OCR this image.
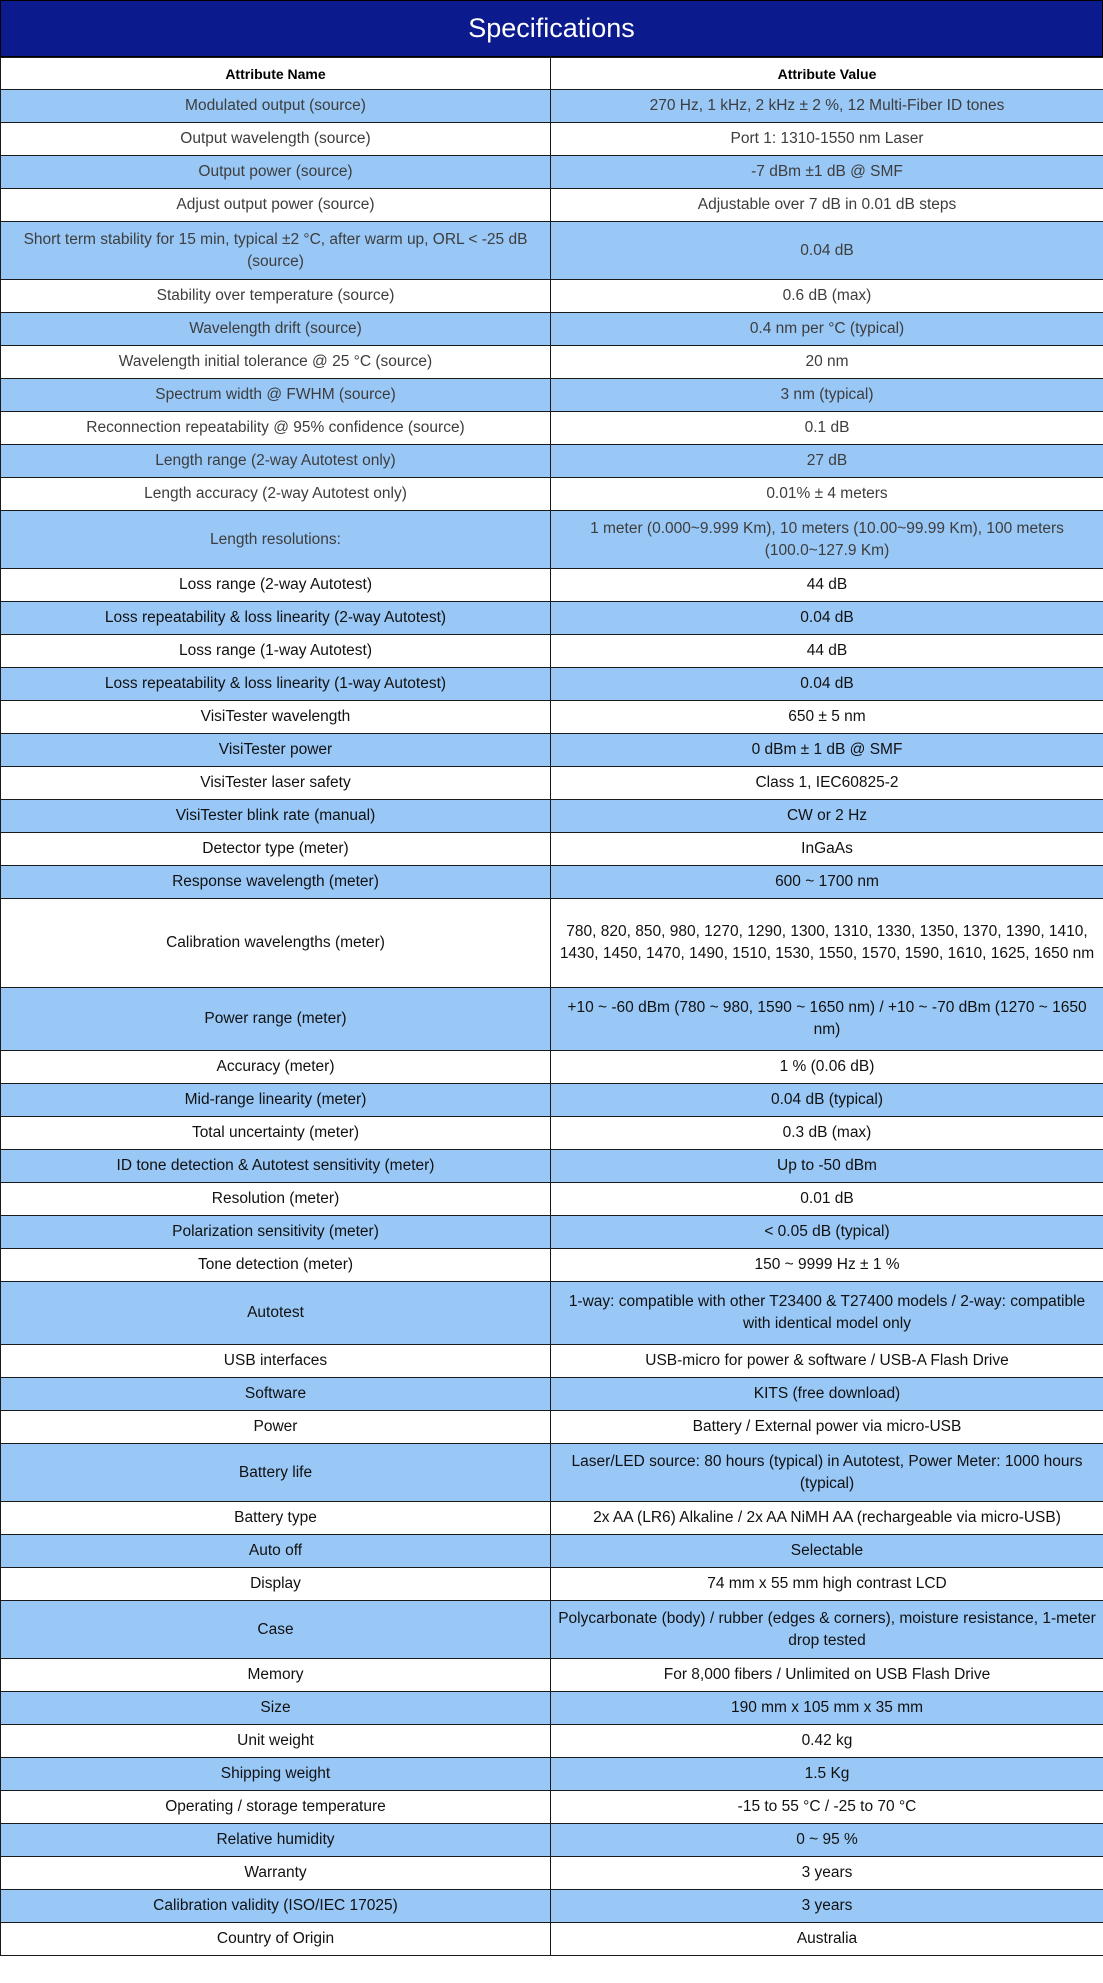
Specifications
Attribute Name	Attribute Value
Modulated output (source)	270 Hz, 1 kHz, 2 kHz ± 2 %, 12 Multi-Fiber ID tones
Output wavelength (source)	Port 1: 1310-1550 nm Laser
Output power (source)	-7 dBm ±1 dB @ SMF
Adjust output power (source)	Adjustable over 7 dB in 0.01 dB steps
Short term stability for 15 min, typical ±2 °C, after warm up, ORL < -25 dB (source)	0.04 dB
Stability over temperature (source)	0.6 dB (max)
Wavelength drift (source)	0.4 nm per °C (typical)
Wavelength initial tolerance @ 25 °C (source)	20 nm
Spectrum width @ FWHM (source)	3 nm (typical)
Reconnection repeatability @ 95% confidence (source)	0.1 dB
Length range (2-way Autotest only)	27 dB
Length accuracy (2-way Autotest only)	0.01% ± 4 meters
Length resolutions:	1 meter (0.000~9.999 Km), 10 meters (10.00~99.99 Km), 100 meters (100.0~127.9 Km)
Loss range (2-way Autotest)	44 dB
Loss repeatability & loss linearity (2-way Autotest)	0.04 dB
Loss range (1-way Autotest)	44 dB
Loss repeatability & loss linearity (1-way Autotest)	0.04 dB
VisiTester wavelength	650 ± 5 nm
VisiTester power	0 dBm ± 1 dB @ SMF
VisiTester laser safety	Class 1, IEC60825-2
VisiTester blink rate (manual)	CW or 2 Hz
Detector type (meter)	InGaAs
Response wavelength (meter)	600 ~ 1700 nm
Calibration wavelengths (meter)	780, 820, 850, 980, 1270, 1290, 1300, 1310, 1330, 1350, 1370, 1390, 1410, 1430, 1450, 1470, 1490, 1510, 1530, 1550, 1570, 1590, 1610, 1625, 1650 nm
Power range (meter)	+10 ~ -60 dBm (780 ~ 980, 1590 ~ 1650 nm) / +10 ~ -70 dBm (1270 ~ 1650 nm)
Accuracy (meter)	1 % (0.06 dB)
Mid-range linearity (meter)	0.04 dB (typical)
Total uncertainty (meter)	0.3 dB (max)
ID tone detection & Autotest sensitivity (meter)	Up to -50 dBm
Resolution (meter)	0.01 dB
Polarization sensitivity (meter)	< 0.05 dB (typical)
Tone detection (meter)	150 ~ 9999 Hz ± 1 %
Autotest	1-way: compatible with other T23400 & T27400 models / 2-way: compatible with identical model only
USB interfaces	USB-micro for power & software / USB-A Flash Drive
Software	KITS (free download)
Power	Battery / External power via micro-USB
Battery life	Laser/LED source: 80 hours (typical) in Autotest, Power Meter: 1000 hours (typical)
Battery type	2x AA (LR6) Alkaline / 2x AA NiMH AA (rechargeable via micro-USB)
Auto off	Selectable
Display	74 mm x 55 mm high contrast LCD
Case	Polycarbonate (body) / rubber (edges & corners), moisture resistance, 1-meter drop tested
Memory	For 8,000 fibers / Unlimited on USB Flash Drive
Size	190 mm x 105 mm x 35 mm
Unit weight	0.42 kg
Shipping weight	1.5 Kg
Operating / storage temperature	-15 to 55 °C / -25 to 70 °C
Relative humidity	0 ~ 95 %
Warranty	3 years
Calibration validity (ISO/IEC 17025)	3 years
Country of Origin	Australia
